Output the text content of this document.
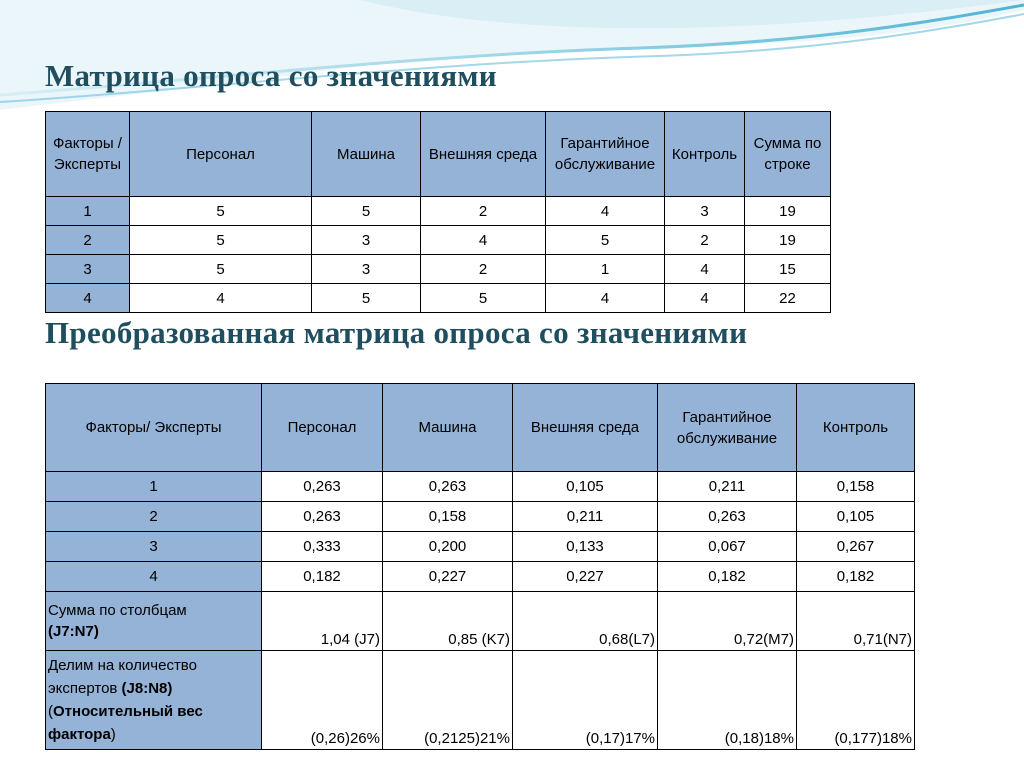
Матрица опроса со значениями
Факторы / Эксперты	Персонал	Машина	Внешняя среда	Гарантийное обслуживание	Контроль	Сумма по строке
1	5	5	2	4	3	19
2	5	3	4	5	2	19
3	5	3	2	1	4	15
4	4	5	5	4	4	22
Преобразованная матрица опроса со значениями
Факторы/ Эксперты	Персонал	Машина	Внешняя среда	Гарантийное обслуживание	Контроль
1	0,263	0,263	0,105	0,211	0,158
2	0,263	0,158	0,211	0,263	0,105
3	0,333	0,200	0,133	0,067	0,267
4	0,182	0,227	0,227	0,182	0,182
Сумма по столбцам
(J7:N7)	1,04 (J7)	0,85 (K7)	0,68(L7)	0,72(M7)	0,71(N7)
Делим на количество
экспертов (J8:N8)
(Относительный вес
фактора)	(0,26)26%	(0,2125)21%	(0,17)17%	(0,18)18%	(0,177)18%
